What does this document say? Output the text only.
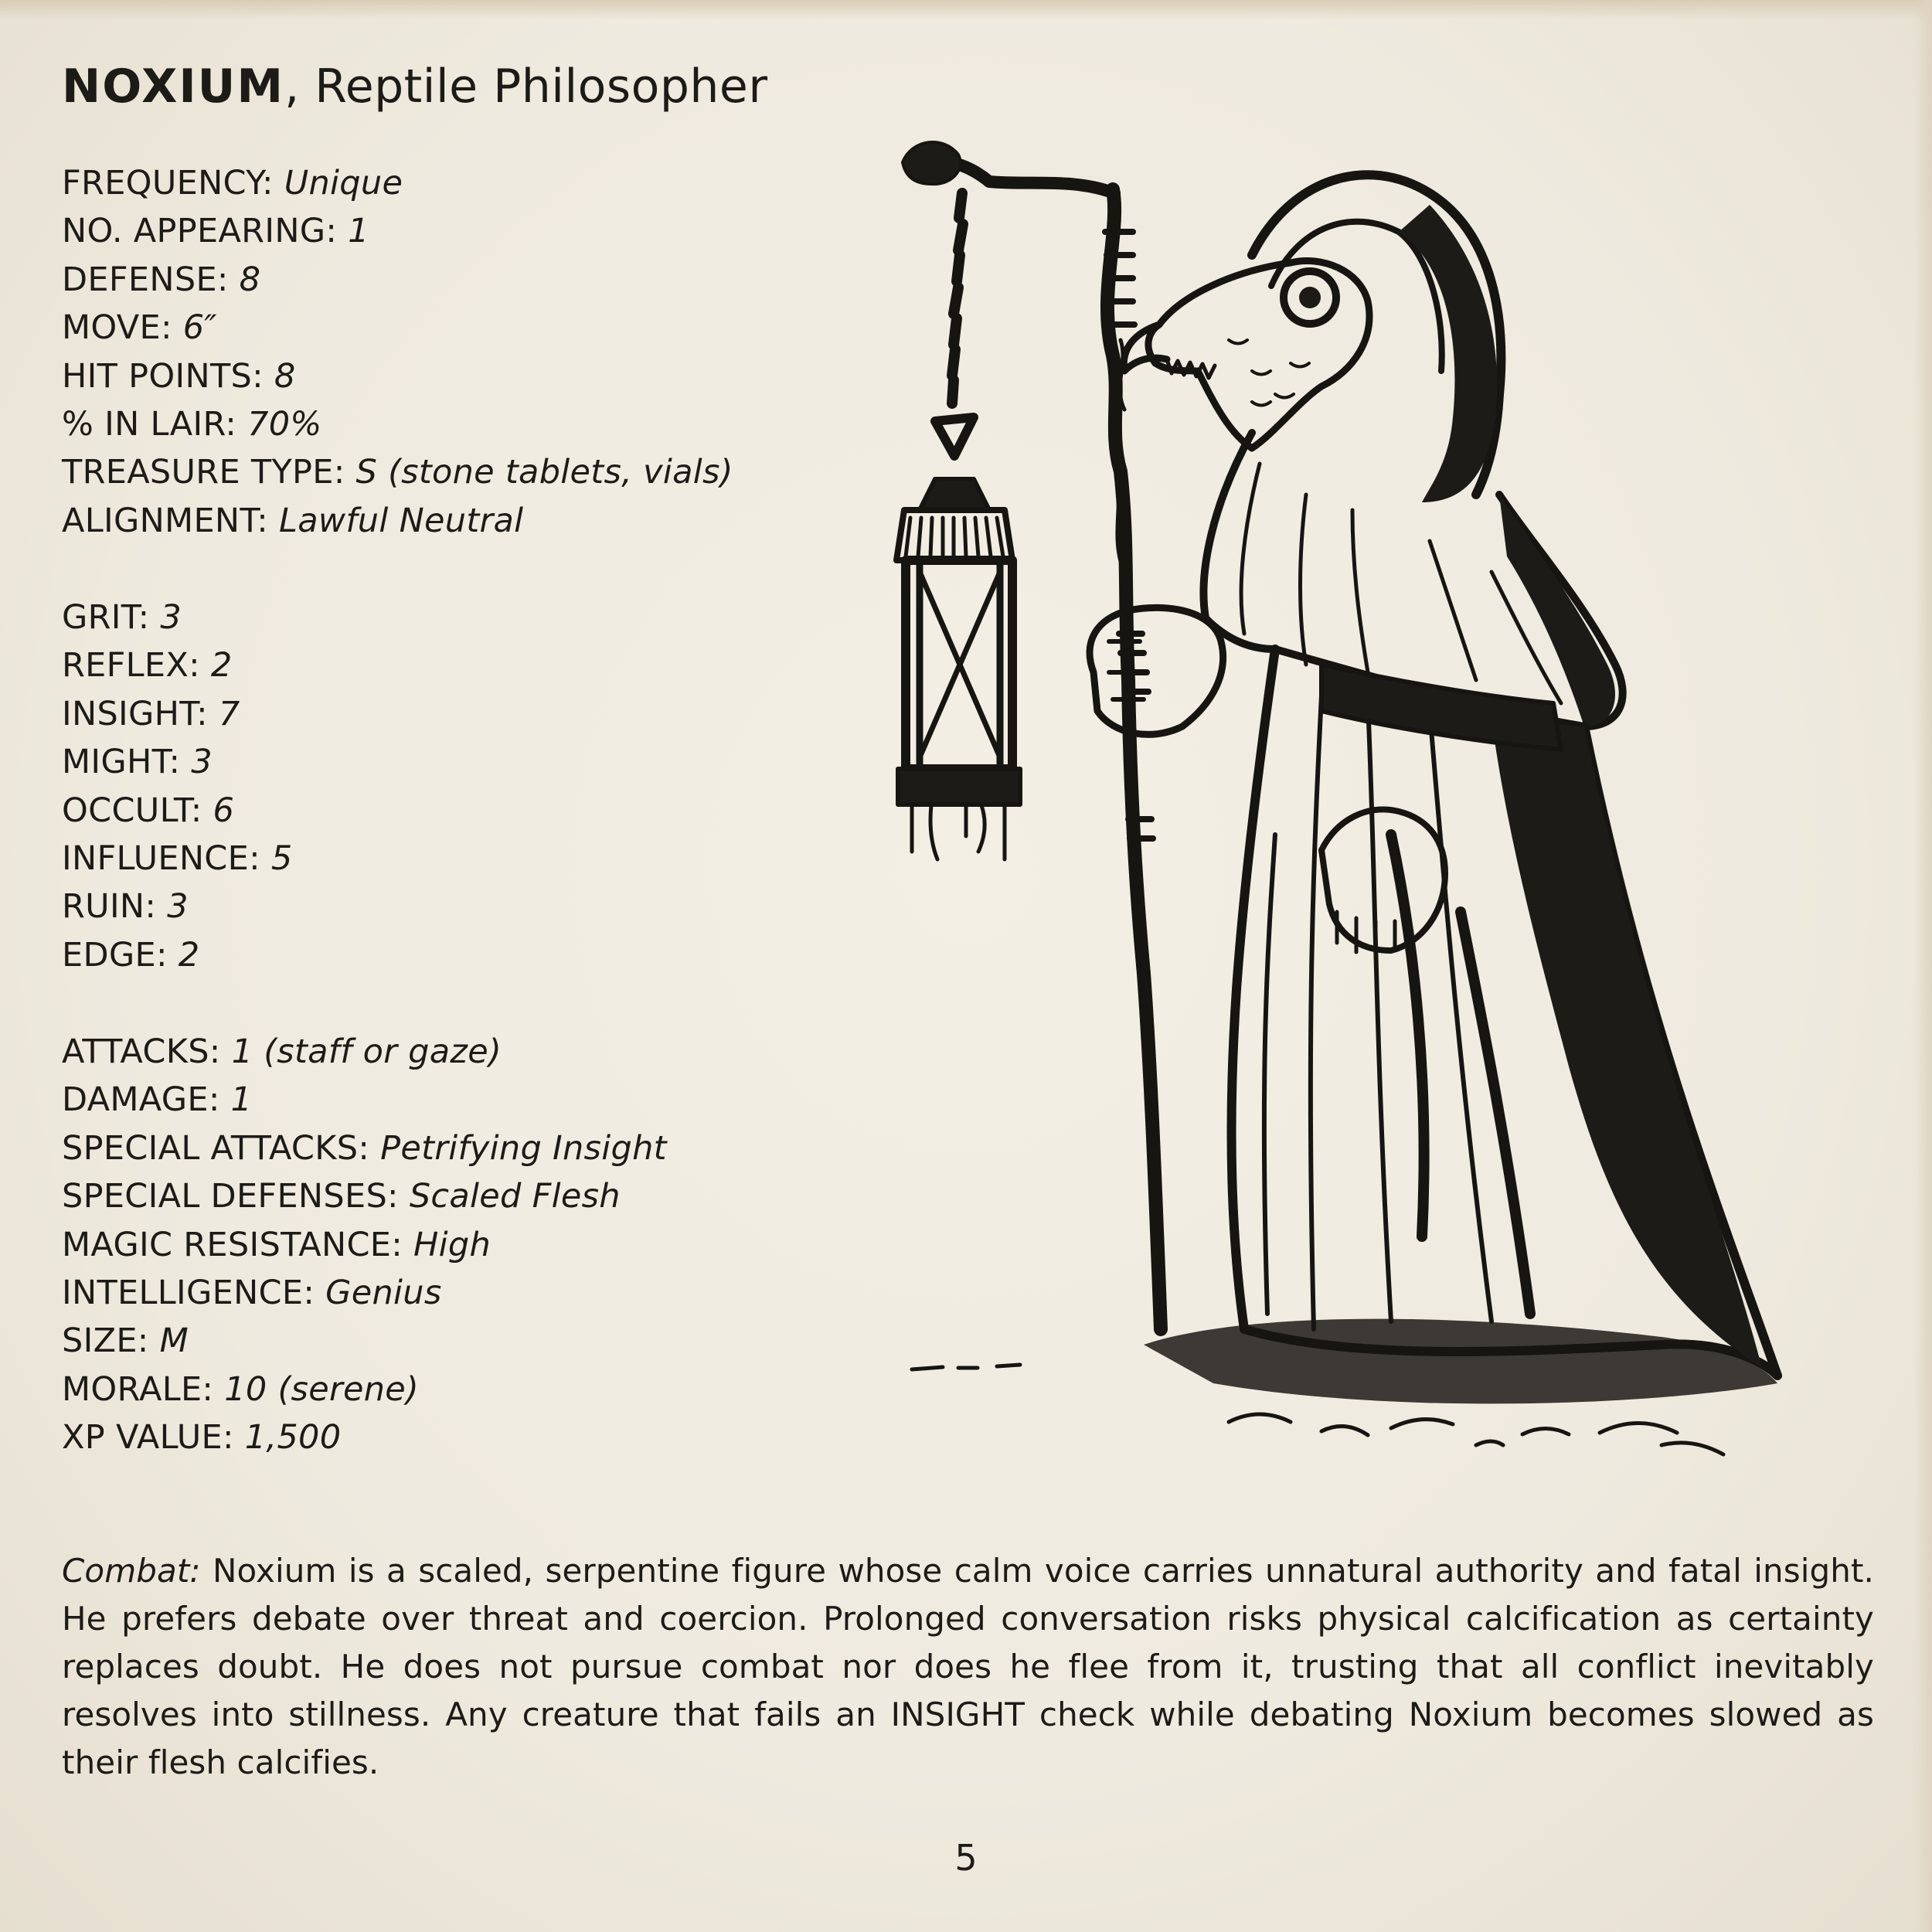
NOXIUM, Reptile Philosopher
FREQUENCY: Unique
NO. APPEARING: 1
DEFENSE: 8
MOVE: 6″
HIT POINTS: 8
% IN LAIR: 70%
TREASURE TYPE: S (stone tablets, vials)
ALIGNMENT: Lawful Neutral
GRIT: 3
REFLEX: 2
INSIGHT: 7
MIGHT: 3
OCCULT: 6
INFLUENCE: 5
RUIN: 3
EDGE: 2
ATTACKS: 1 (staff or gaze)
DAMAGE: 1
SPECIAL ATTACKS: Petrifying Insight
SPECIAL DEFENSES: Scaled Flesh
MAGIC RESISTANCE: High
INTELLIGENCE: Genius
SIZE: M
MORALE: 10 (serene)
XP VALUE: 1,500

Combat: Noxium is a scaled, serpentine figure whose calm voice carries unnatural authority and fatal insight. He prefers debate over threat and coercion. Prolonged conversation risks physical calcification as certainty replaces doubt. He does not pursue combat nor does he flee from it, trusting that all conflict inevitably resolves into stillness. Any creature that fails an INSIGHT check while debating Noxium becomes slowed as their flesh calcifies.

5
